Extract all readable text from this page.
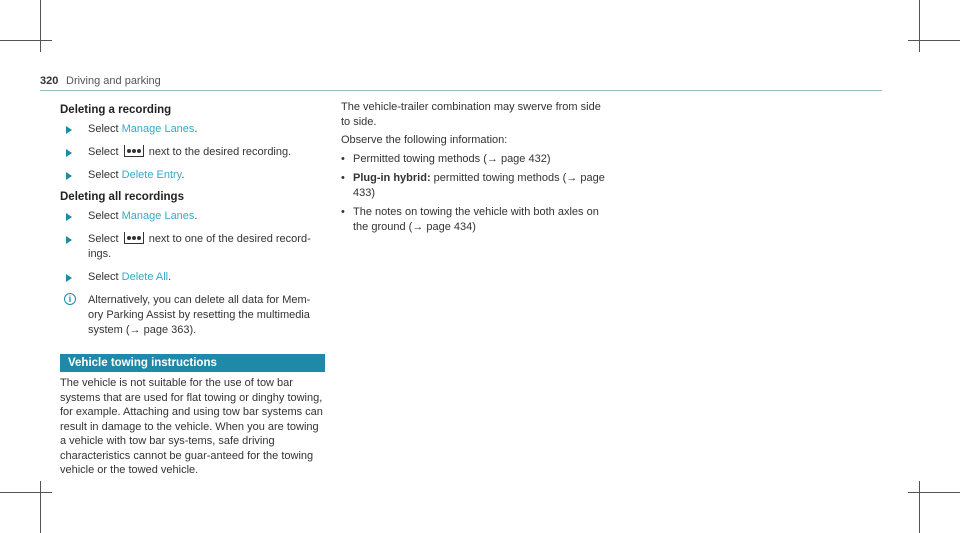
320 Driving and parking
Deleting a recording
Select Manage Lanes.
Select
next to the desired recording.
Select Delete Entry.
Deleting all recordings
Select Manage Lanes.
Select
next to one of the desired record-ings.
Select Delete All.
i	Alternatively, you can delete all data for Mem-ory Parking Assist by resetting the multimedia system (→ page 363).
Vehicle towing instructions

The vehicle is not suitable for the use of tow bar systems that are used for flat towing or dinghy towing, for example. Attaching and using tow bar systems can result in damage to the vehicle. When you are towing a vehicle with tow bar sys-tems, safe driving characteristics cannot be guar-anteed for the towing vehicle or the towed vehicle.

The vehicle-trailer combination may swerve from side to side.

Observe the following information:

• Permitted towing methods (→ page 432)
• Plug-in hybrid: permitted towing methods (→ page 433)
• The notes on towing the vehicle with both axles on the ground (→ page 434)
